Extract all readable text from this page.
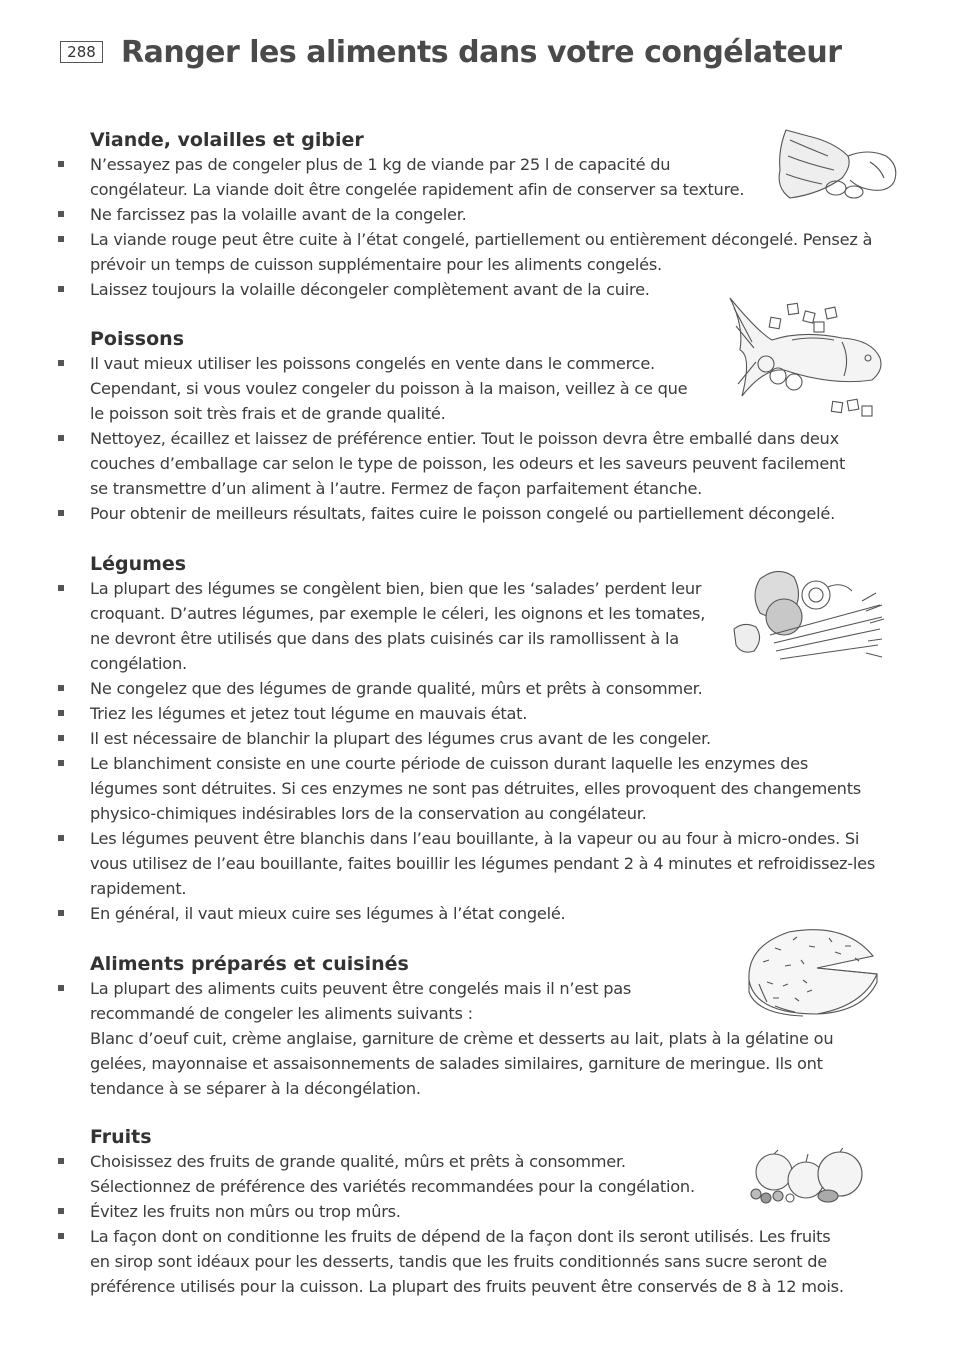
288 Ranger les aliments dans votre congélateur
Viande, volailles et gibier
N’essayez pas de congeler plus de 1 kg de viande par 25 l de capacité du
congélateur. La viande doit être congelée rapidement afin de conserver sa texture.
Ne farcissez pas la volaille avant de la congeler.
La viande rouge peut être cuite à l’état congelé, partiellement ou entièrement décongelé. Pensez à
prévoir un temps de cuisson supplémentaire pour les aliments congelés.
Laissez toujours la volaille décongeler complètement avant de la cuire.
Poissons
Il vaut mieux utiliser les poissons congelés en vente dans le commerce.
Cependant, si vous voulez congeler du poisson à la maison, veillez à ce que
le poisson soit très frais et de grande qualité.
Nettoyez, écaillez et laissez de préférence entier. Tout le poisson devra être emballé dans deux
couches d’emballage car selon le type de poisson, les odeurs et les saveurs peuvent facilement
se transmettre d’un aliment à l’autre. Fermez de façon parfaitement étanche.
Pour obtenir de meilleurs résultats, faites cuire le poisson congelé ou partiellement décongelé.
Légumes
La plupart des légumes se congèlent bien, bien que les ‘salades’ perdent leur
croquant. D’autres légumes, par exemple le céleri, les oignons et les tomates,
ne devront être utilisés que dans des plats cuisinés car ils ramollissent à la
congélation.
Ne congelez que des légumes de grande qualité, mûrs et prêts à consommer.
Triez les légumes et jetez tout légume en mauvais état.
Il est nécessaire de blanchir la plupart des légumes crus avant de les congeler.
Le blanchiment consiste en une courte période de cuisson durant laquelle les enzymes des
légumes sont détruites. Si ces enzymes ne sont pas détruites, elles provoquent des changements
physico-chimiques indésirables lors de la conservation au congélateur.
Les légumes peuvent être blanchis dans l’eau bouillante, à la vapeur ou au four à micro-ondes. Si
vous utilisez de l’eau bouillante, faites bouillir les légumes pendant 2 à 4 minutes et refroidissez-les
rapidement.
En général, il vaut mieux cuire ses légumes à l’état congelé.
Aliments préparés et cuisinés
La plupart des aliments cuits peuvent être congelés mais il n’est pas
recommandé de congeler les aliments suivants :
Blanc d’oeuf cuit, crème anglaise, garniture de crème et desserts au lait, plats à la gélatine ou
gelées, mayonnaise et assaisonnements de salades similaires, garniture de meringue. Ils ont
tendance à se séparer à la décongélation.
Fruits
Choisissez des fruits de grande qualité, mûrs et prêts à consommer.
Sélectionnez de préférence des variétés recommandées pour la congélation.
Évitez les fruits non mûrs ou trop mûrs.
La façon dont on conditionne les fruits de dépend de la façon dont ils seront utilisés. Les fruits
en sirop sont idéaux pour les desserts, tandis que les fruits conditionnés sans sucre seront de
préférence utilisés pour la cuisson. La plupart des fruits peuvent être conservés de 8 à 12 mois.
